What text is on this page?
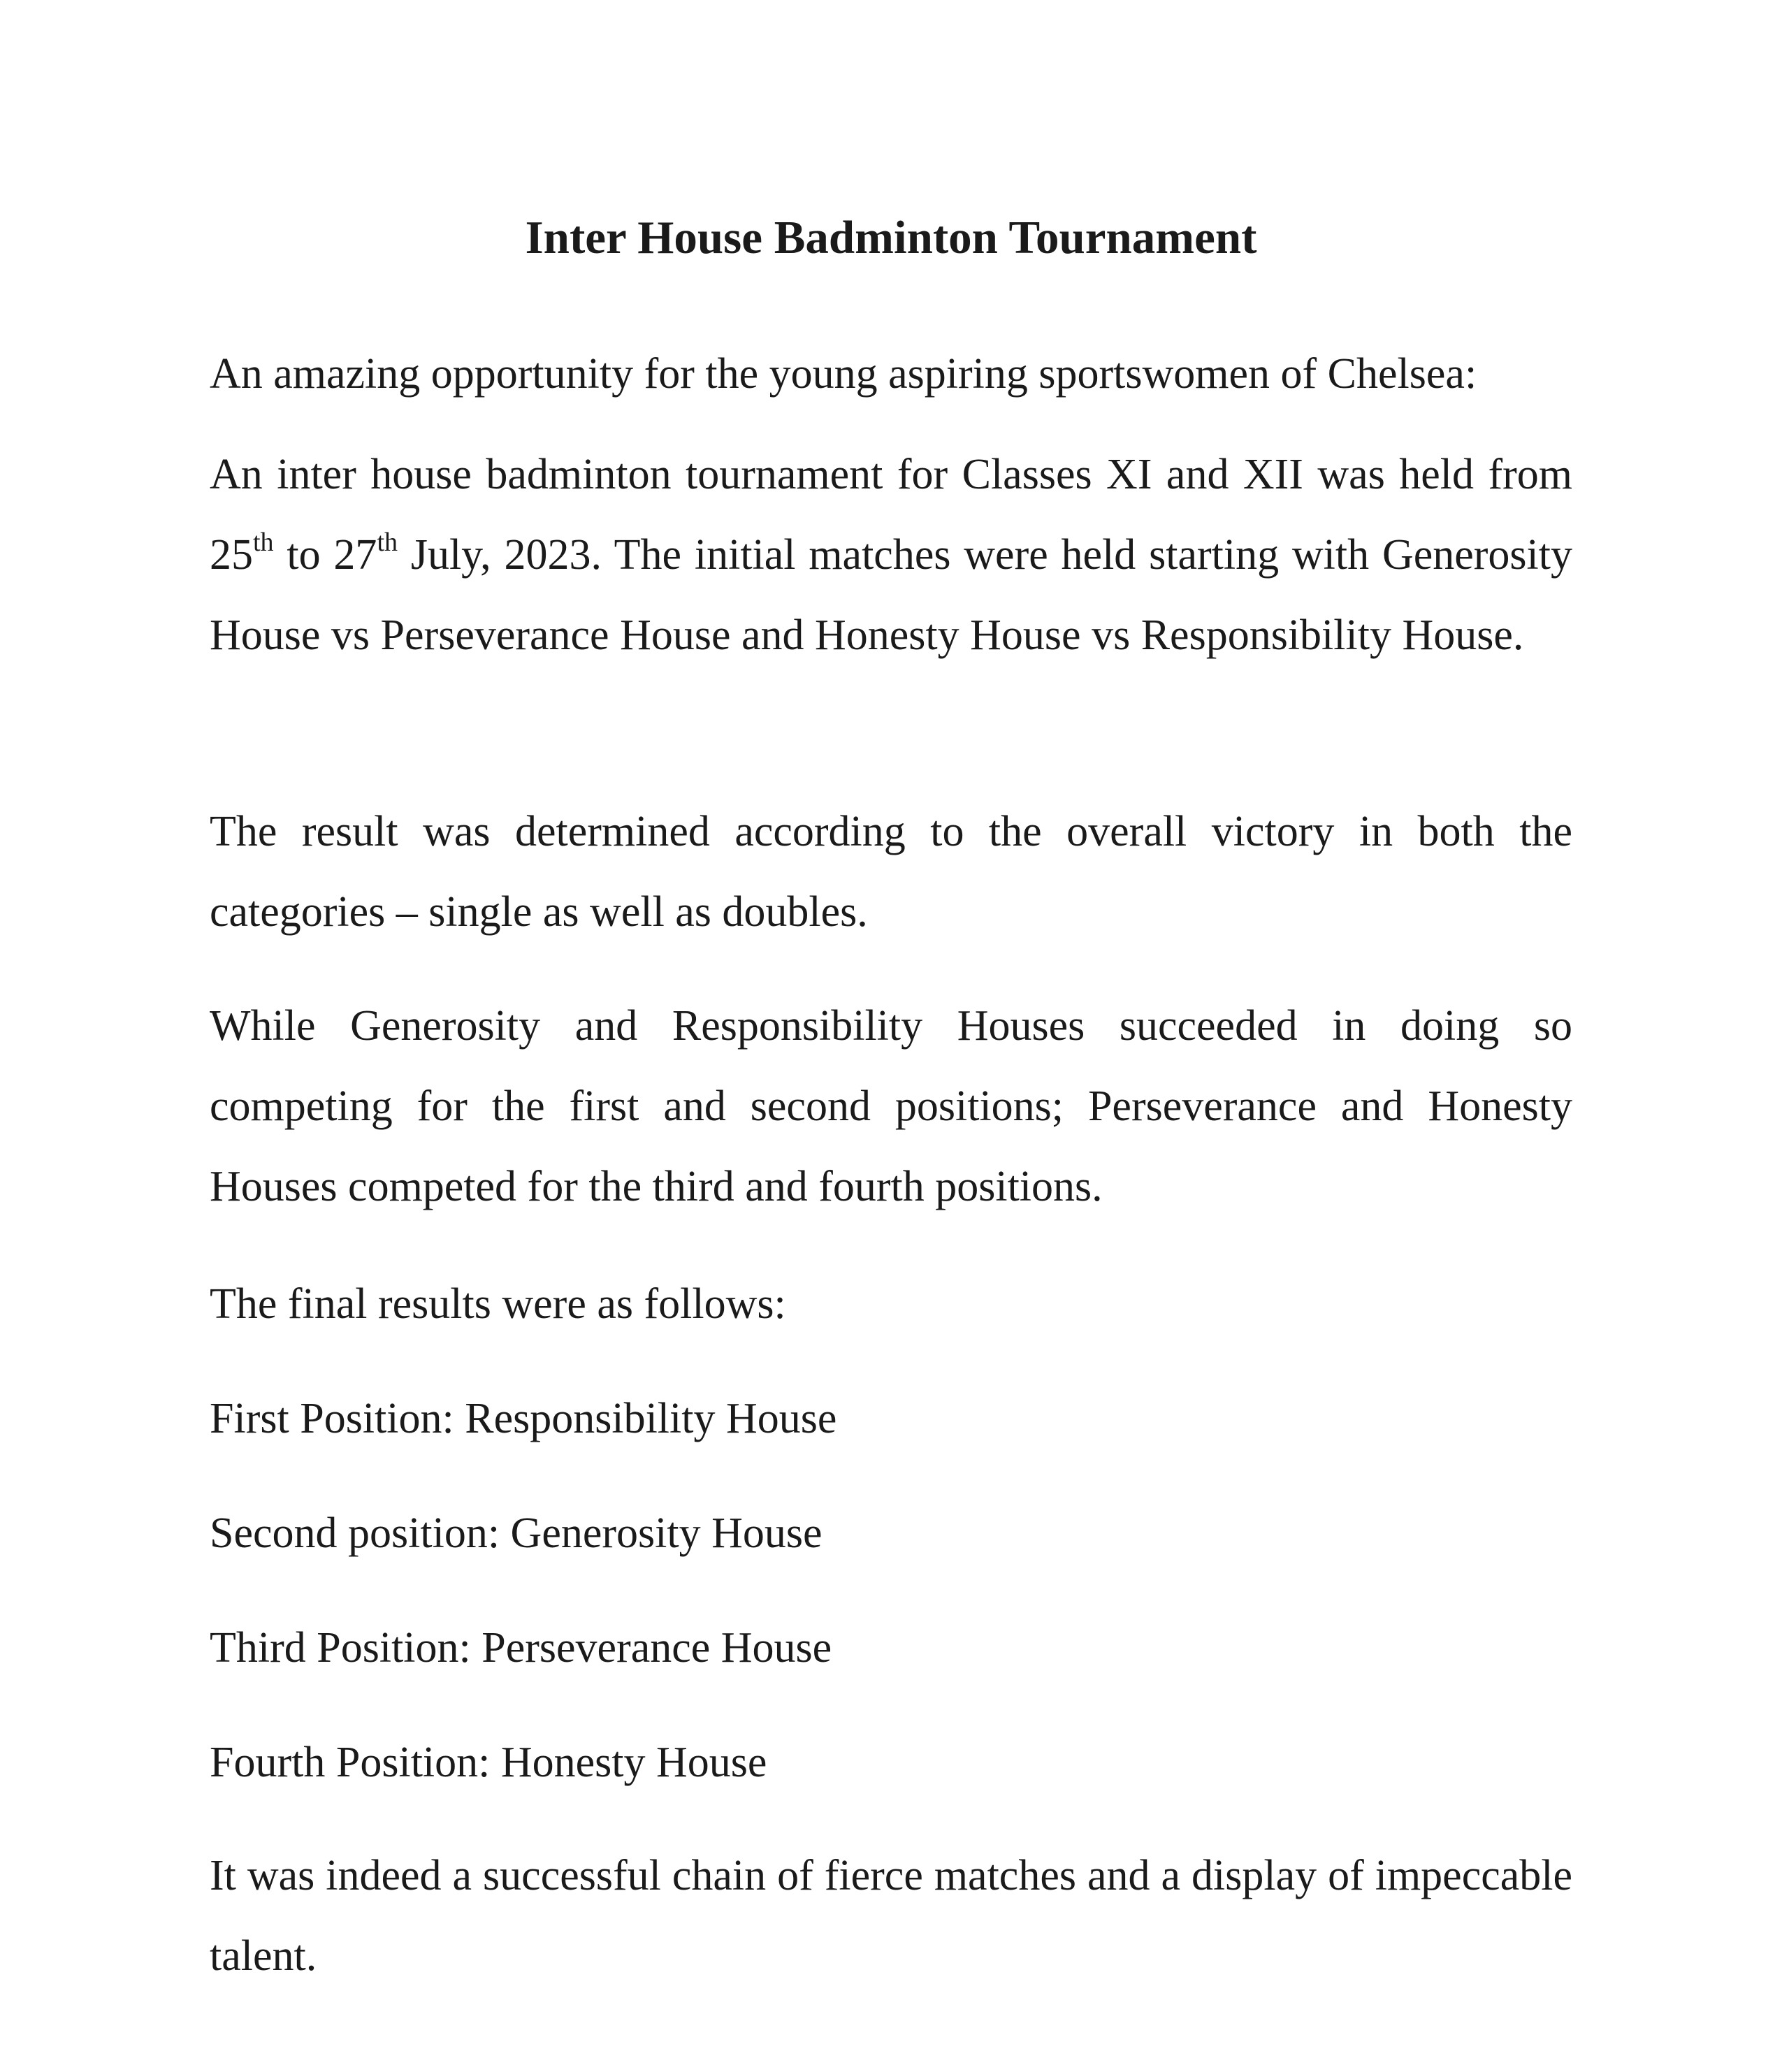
Inter House Badminton Tournament

An amazing opportunity for the young aspiring sportswomen of Chelsea:

An inter house badminton tournament for Classes XI and XII was held from 25th to 27th July, 2023. The initial matches were held starting with Generosity House vs Perseverance House and Honesty House vs Responsibility House.

The result was determined according to the overall victory in both the categories – single as well as doubles.

While Generosity and Responsibility Houses succeeded in doing so competing for the first and second positions; Perseverance and Honesty Houses competed for the third and fourth positions.

The final results were as follows:

First Position: Responsibility House

Second position: Generosity House

Third Position: Perseverance House

Fourth Position: Honesty House

It was indeed a successful chain of fierce matches and a display of impeccable talent.
